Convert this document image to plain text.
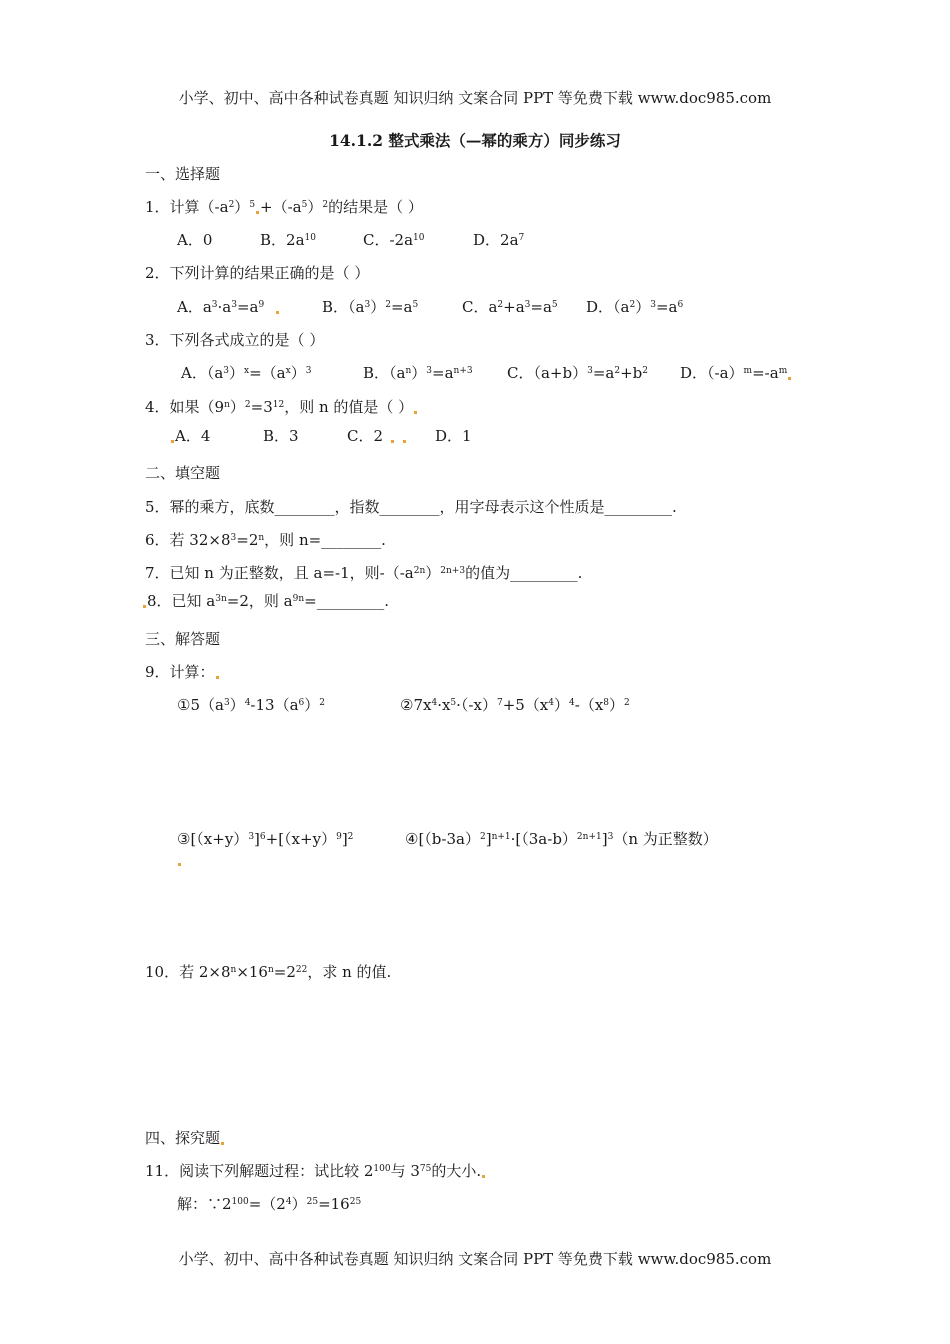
小学、初中、高中各种试卷真题 知识归纳 文案合同 PPT 等免费下载 www.doc985.com
14.1.2 整式乘法（—幂的乘方）同步练习
一、选择题
1．计算$(-a^2)^5 +(-a^5)^2$的结果是（ ）
A．0	B．$2a^{10}$	C．$-2a^{10}$	D．$2a^7$
2．下列计算的结果正确的是（ ）
A．$a^3\cdot a^3=a^9$	B．$(a^3)^2=a^5$	C．$a^2+a^3=a^5$ D．$(a^2)^3=a^6$
3．下列各式成立的是（ ）
A．$(a^3)^x=(a^x)^3$	B．$(a^n)^3=a^{n+3}$ C．$(a+b)^3=a^2+b^2$ D．$(-a)^m=-a^m$
4．如果$(9^n)^2=3^{12}$，则 n 的值是（ ）
A．4	B．3	C．2	D．1
二、填空题
5．幂的乘方，底数________，指数________，用字母表示这个性质是_________.
6．若 $32\times 8^3=2^n$，则 n=________.
7．已知 n 为正整数，且 a=-1，则$-(-a^{2n})^{2n+3}$的值为_________.
8．已知 $a^{3n}=2$，则 $a^{9n}=\_\_\_\_\_\_\_\_\_$.
三、解答题
9．计算：
$①5(a^3)^4-13(a^6)^2$	$②7x^4\cdot x^5\cdot(-x)^7+5(x^4)^4-(x^8)^2$
$③[(x+y)^3]^6+[(x+y)^9]^2$	$④[(b-3a)^2]^{n+1}\cdot[(3a-b)^{2n+1}]^3(n$ 为正整数）
10．若 $2\times 8^n\times 16^n=2^{22}$，求 n 的值.
四、探究题
11．阅读下列解题过程：试比较 $2^{100}$与 $3^{75}$的大小.
解：$\because 2^{100}=(2^4)^{25}=16^{25}$
小学、初中、高中各种试卷真题 知识归纳 文案合同 PPT 等免费下载 www.doc985.com
